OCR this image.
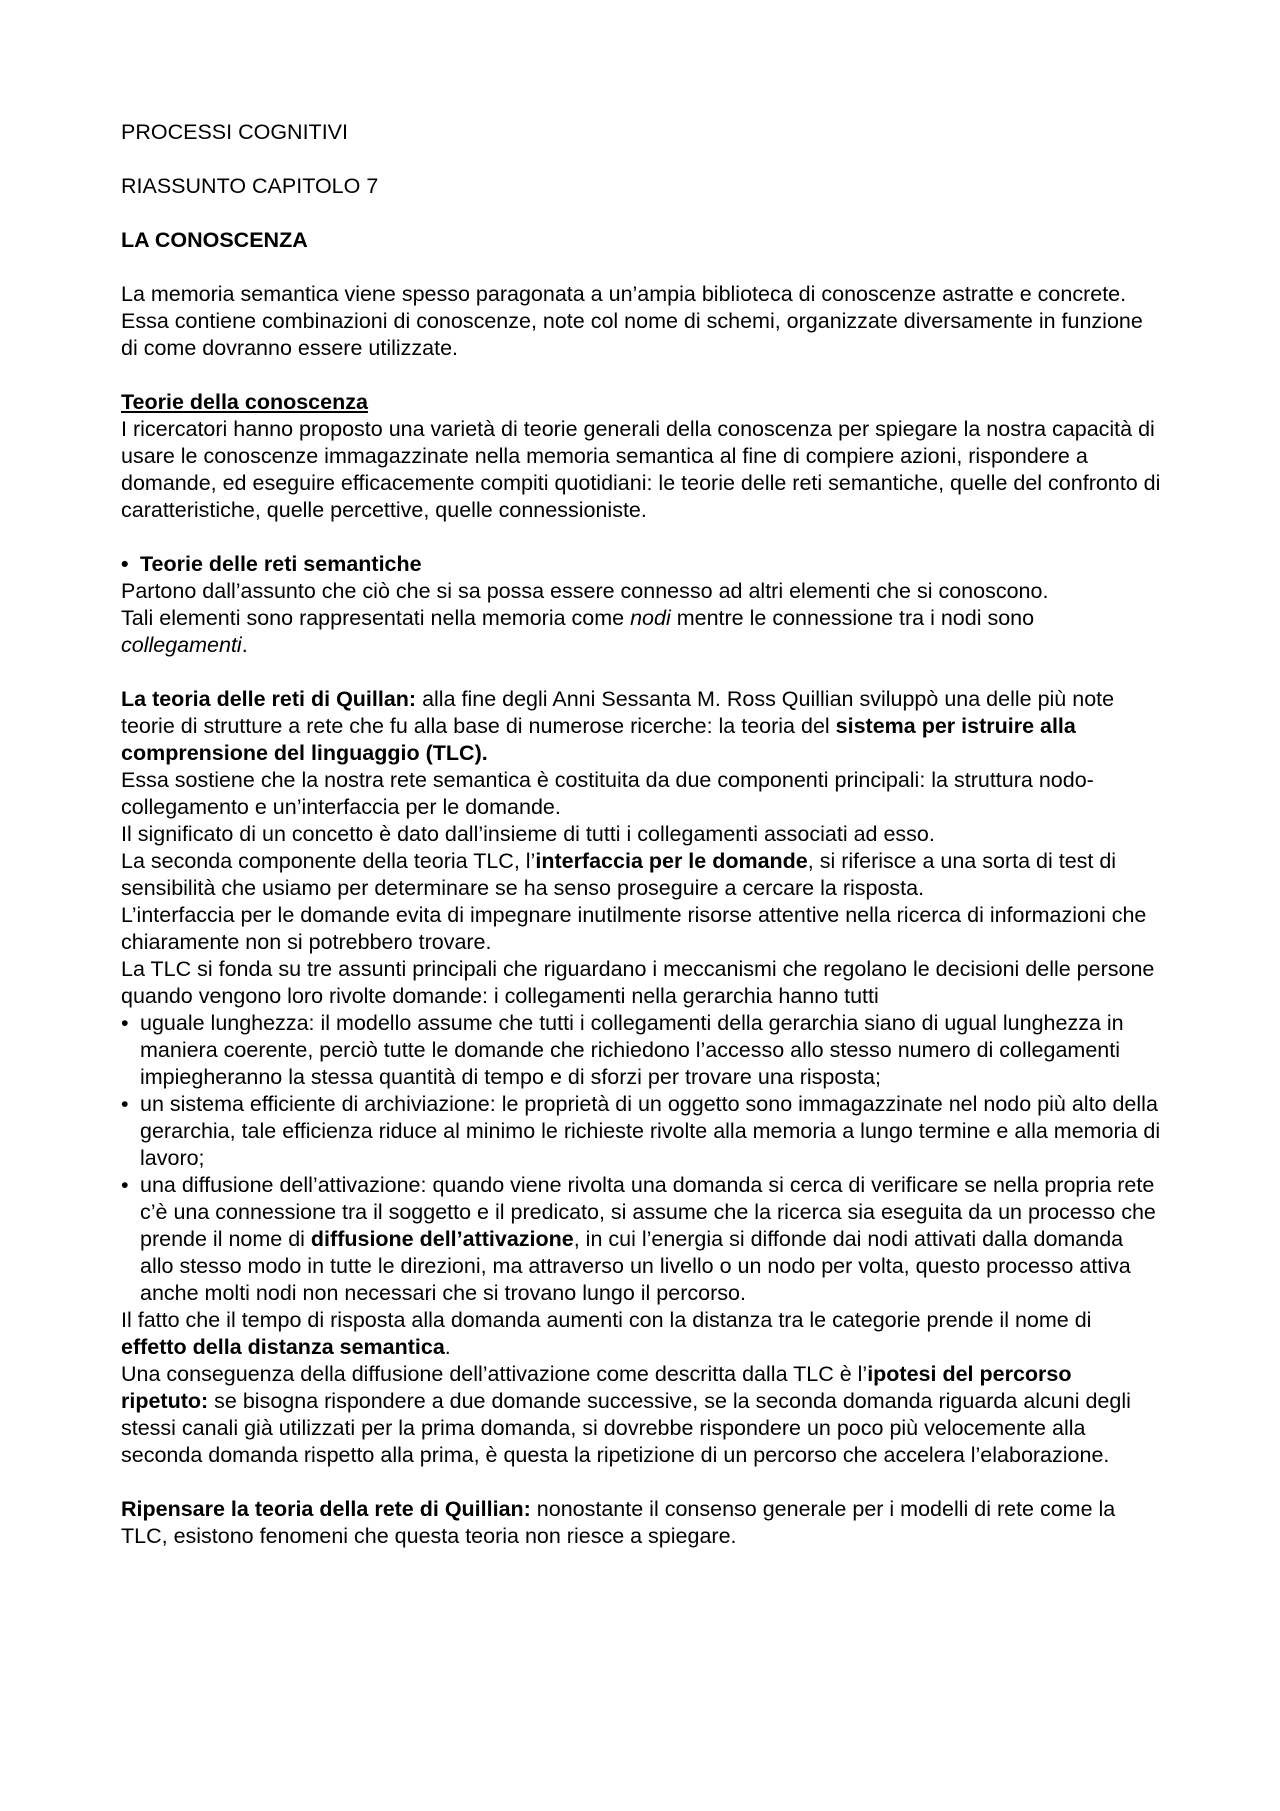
PROCESSI COGNITIVI

RIASSUNTO CAPITOLO 7

LA CONOSCENZA

La memoria semantica viene spesso paragonata a un’ampia biblioteca di conoscenze astratte e concrete.

Essa contiene combinazioni di conoscenze, note col nome di schemi, organizzate diversamente in funzione di come dovranno essere utilizzate.

Teorie della conoscenza

I ricercatori hanno proposto una varietà di teorie generali della conoscenza per spiegare la nostra capacità di usare le conoscenze immagazzinate nella memoria semantica al fine di compiere azioni, rispondere a domande, ed eseguire efficacemente compiti quotidiani: le teorie delle reti semantiche, quelle del confronto di caratteristiche, quelle percettive, quelle connessioniste.

• Teorie delle reti semantiche

Partono dall’assunto che ciò che si sa possa essere connesso ad altri elementi che si conoscono.

Tali elementi sono rappresentati nella memoria come nodi mentre le connessione tra i nodi sono collegamenti.

La teoria delle reti di Quillan: alla fine degli Anni Sessanta M. Ross Quillian sviluppò una delle più note teorie di strutture a rete che fu alla base di numerose ricerche: la teoria del sistema per istruire alla comprensione del linguaggio (TLC).

Essa sostiene che la nostra rete semantica è costituita da due componenti principali: la struttura nodo-collegamento e un’interfaccia per le domande.

Il significato di un concetto è dato dall’insieme di tutti i collegamenti associati ad esso.

La seconda componente della teoria TLC, l’interfaccia per le domande, si riferisce a una sorta di test di sensibilità che usiamo per determinare se ha senso proseguire a cercare la risposta.

L’interfaccia per le domande evita di impegnare inutilmente risorse attentive nella ricerca di informazioni che chiaramente non si potrebbero trovare.

La TLC si fonda su tre assunti principali che riguardano i meccanismi che regolano le decisioni delle persone quando vengono loro rivolte domande: i collegamenti nella gerarchia hanno tutti

• uguale lunghezza: il modello assume che tutti i collegamenti della gerarchia siano di ugual lunghezza in maniera coerente, perciò tutte le domande che richiedono l’accesso allo stesso numero di collegamenti impiegheranno la stessa quantità di tempo e di sforzi per trovare una risposta;

• un sistema efficiente di archiviazione: le proprietà di un oggetto sono immagazzinate nel nodo più alto della gerarchia, tale efficienza riduce al minimo le richieste rivolte alla memoria a lungo termine e alla memoria di lavoro;

• una diffusione dell’attivazione: quando viene rivolta una domanda si cerca di verificare se nella propria rete c’è una connessione tra il soggetto e il predicato, si assume che la ricerca sia eseguita da un processo che prende il nome di diffusione dell’attivazione, in cui l’energia si diffonde dai nodi attivati dalla domanda allo stesso modo in tutte le direzioni, ma attraverso un livello o un nodo per volta, questo processo attiva anche molti nodi non necessari che si trovano lungo il percorso.

Il fatto che il tempo di risposta alla domanda aumenti con la distanza tra le categorie prende il nome di effetto della distanza semantica.

Una conseguenza della diffusione dell’attivazione come descritta dalla TLC è l’ipotesi del percorso ripetuto: se bisogna rispondere a due domande successive, se la seconda domanda riguarda alcuni degli stessi canali già utilizzati per la prima domanda, si dovrebbe rispondere un poco più velocemente alla seconda domanda rispetto alla prima, è questa la ripetizione di un percorso che accelera l’elaborazione.

Ripensare la teoria della rete di Quillian: nonostante il consenso generale per i modelli di rete come la TLC, esistono fenomeni che questa teoria non riesce a spiegare.
